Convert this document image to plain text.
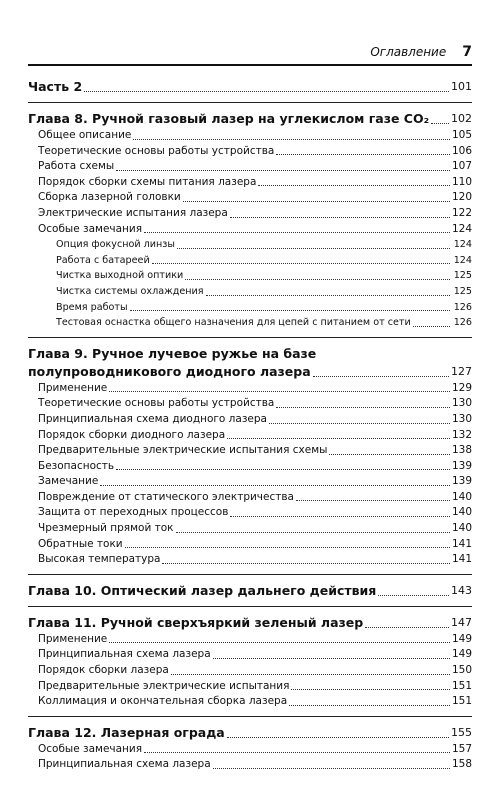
Оглавление 7
Часть 2	101
Глава 8. Ручной газовый лазер на углекислом газе CO₂ 102
Общее описание	105
Теоретические основы работы устройства	106
Работа схемы	107
Порядок сборки схемы питания лазера	110
Сборка лазерной головки	120
Электрические испытания лазера	122
Особые замечания	124
Опция фокусной линзы	124
Работа с батареей	124
Чистка выходной оптики	125
Чистка системы охлаждения	125
Время работы	126
Тестовая оснастка общего назначения для цепей с питанием от сети	126
Глава 9. Ручное лучевое ружье на базе
полупроводникового диодного лазера	127
Применение	129
Теоретические основы работы устройства	130
Принципиальная схема диодного лазера	130
Порядок сборки диодного лазера	132
Предварительные электрические испытания схемы	138
Безопасность	139
Замечание	139
Повреждение от статического электричества	140
Защита от переходных процессов	140
Чрезмерный прямой ток	140
Обратные токи	141
Высокая температура	141
Глава 10. Оптический лазер дальнего действия	143
Глава 11. Ручной сверхъяркий зеленый лазер	147
Применение	149
Принципиальная схема лазера	149
Порядок сборки лазера	150
Предварительные электрические испытания	151
Коллимация и окончательная сборка лазера	151
Глава 12. Лазерная ограда	155
Особые замечания	157
Принципиальная схема лазера	158
